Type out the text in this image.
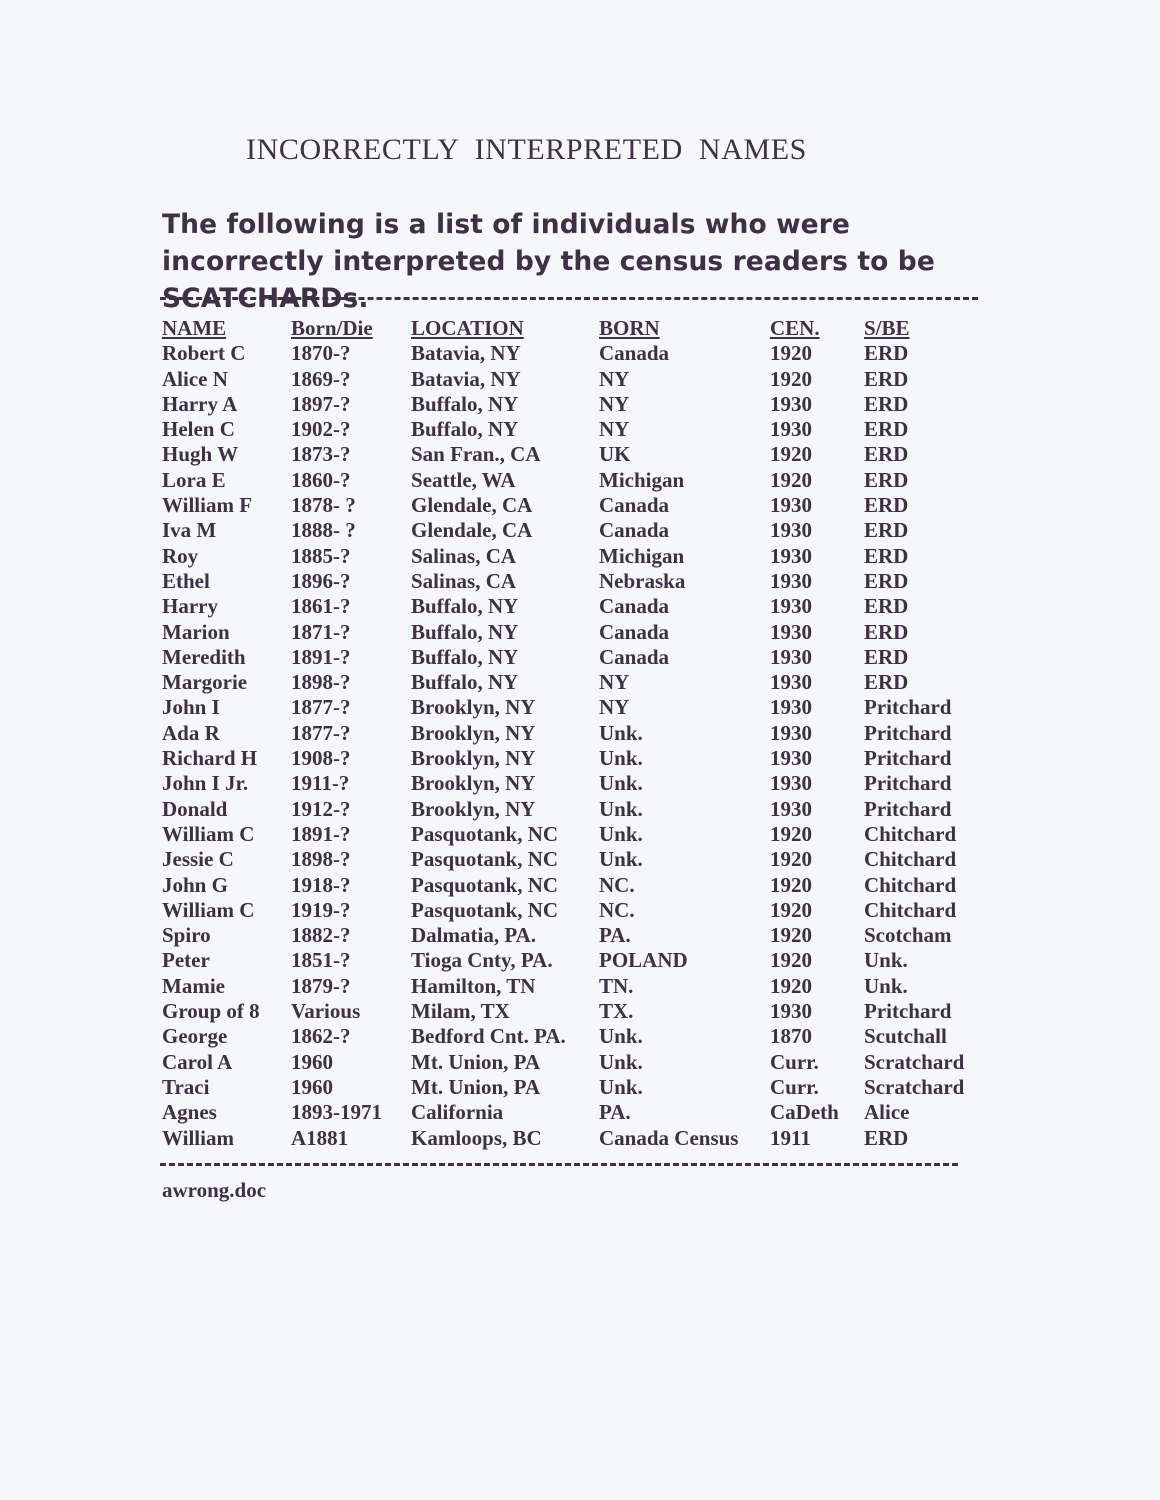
INCORRECTLY INTERPRETED NAMES
The following is a list of individuals who were incorrectly interpreted by the census readers to be SCATCHARDs.
NAME	Born/Die	LOCATION	BORN	CEN.	S/BE
Robert C	1870-?	Batavia, NY	Canada	1920	ERD
Alice N	1869-?	Batavia, NY	NY	1920	ERD
Harry A	1897-?	Buffalo, NY	NY	1930	ERD
Helen C	1902-?	Buffalo, NY	NY	1930	ERD
Hugh W	1873-?	San Fran., CA	UK	1920	ERD
Lora E	1860-?	Seattle, WA	Michigan	1920	ERD
William F	1878- ?	Glendale, CA	Canada	1930	ERD
Iva M	1888- ?	Glendale, CA	Canada	1930	ERD
Roy	1885-?	Salinas, CA	Michigan	1930	ERD
Ethel	1896-?	Salinas, CA	Nebraska	1930	ERD
Harry	1861-?	Buffalo, NY	Canada	1930	ERD
Marion	1871-?	Buffalo, NY	Canada	1930	ERD
Meredith	1891-?	Buffalo, NY	Canada	1930	ERD
Margorie	1898-?	Buffalo, NY	NY	1930	ERD
John I	1877-?	Brooklyn, NY	NY	1930	Pritchard
Ada R	1877-?	Brooklyn, NY	Unk.	1930	Pritchard
Richard H	1908-?	Brooklyn, NY	Unk.	1930	Pritchard
John I Jr.	1911-?	Brooklyn, NY	Unk.	1930	Pritchard
Donald	1912-?	Brooklyn, NY	Unk.	1930	Pritchard
William C	1891-?	Pasquotank, NC	Unk.	1920	Chitchard
Jessie C	1898-?	Pasquotank, NC	Unk.	1920	Chitchard
John G	1918-?	Pasquotank, NC	NC.	1920	Chitchard
William C	1919-?	Pasquotank, NC	NC.	1920	Chitchard
Spiro	1882-?	Dalmatia, PA.	PA.	1920	Scotcham
Peter	1851-?	Tioga Cnty, PA.	POLAND	1920	Unk.
Mamie	1879-?	Hamilton, TN	TN.	1920	Unk.
Group of 8	Various	Milam, TX	TX.	1930	Pritchard
George	1862-?	Bedford Cnt. PA.	Unk.	1870	Scutchall
Carol A	1960	Mt. Union, PA	Unk.	Curr.	Scratchard
Traci	1960	Mt. Union, PA	Unk.	Curr.	Scratchard
Agnes	1893-1971	California	PA.	CaDeth	Alice
William	A1881	Kamloops, BC	Canada Census	1911	ERD
awrong.doc
